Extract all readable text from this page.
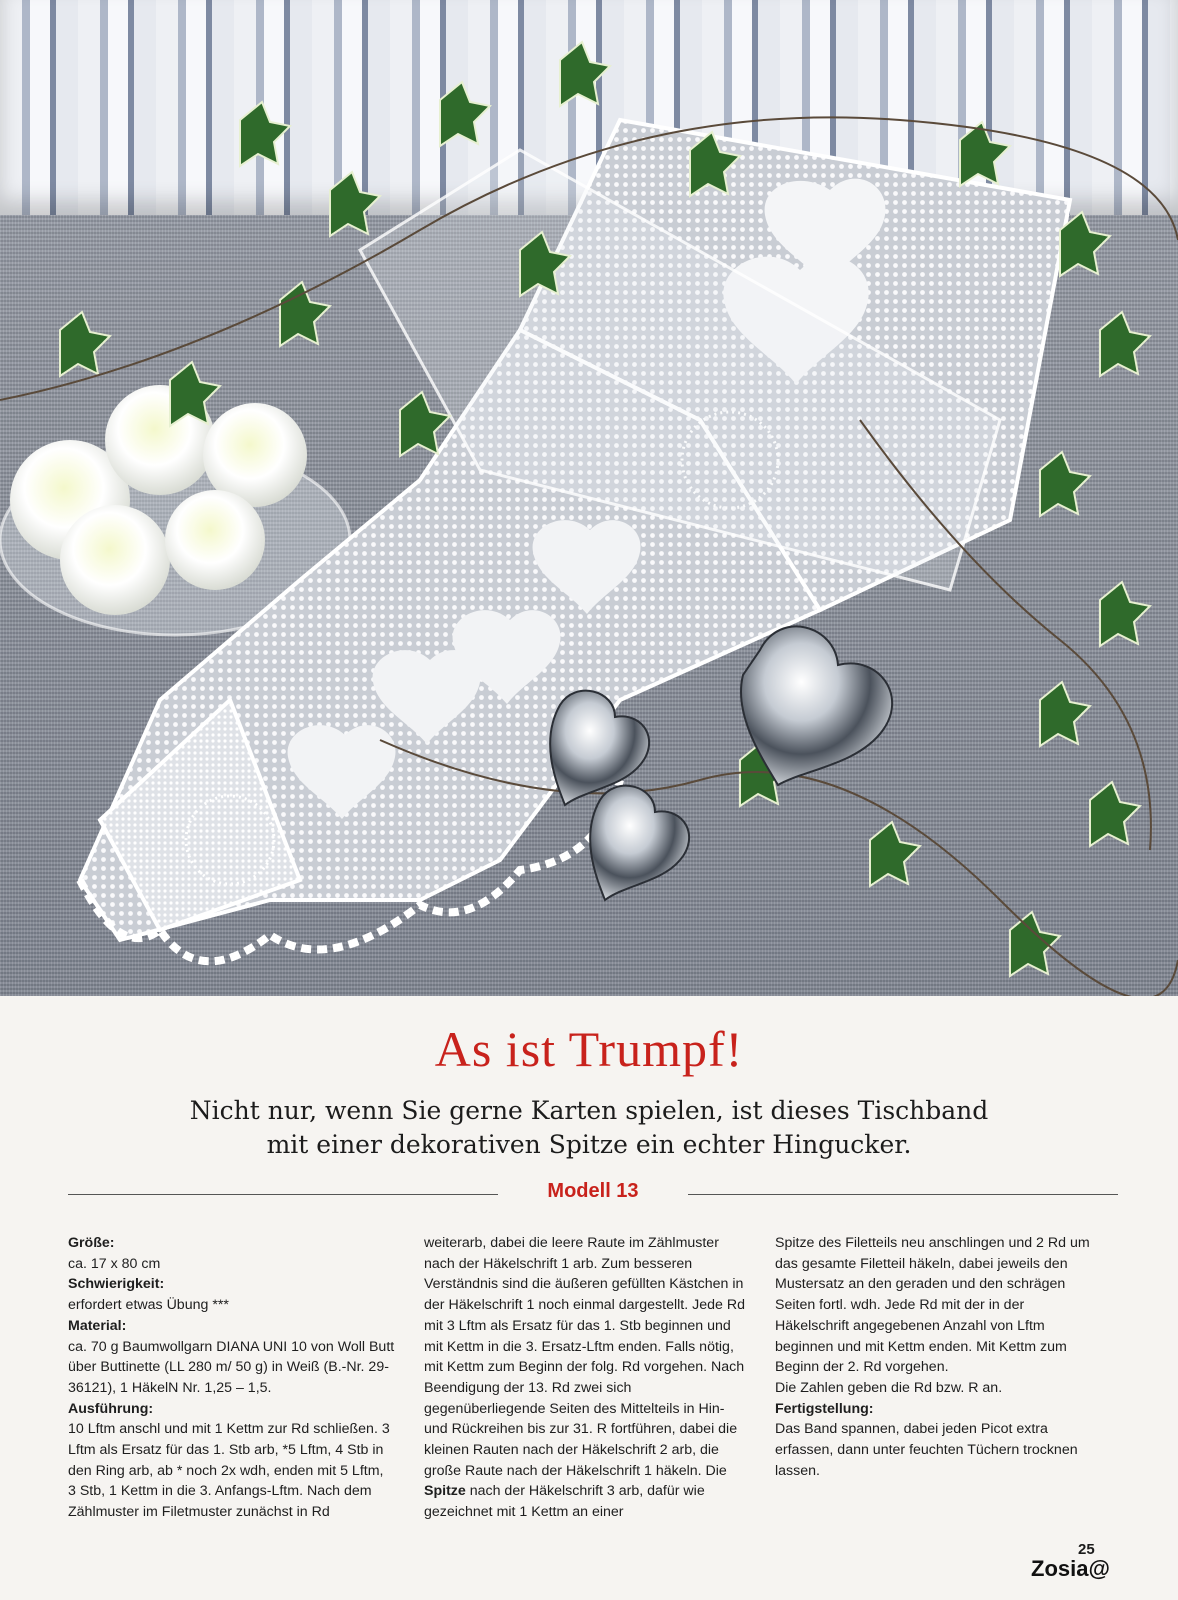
As ist Trumpf!

Nicht nur, wenn Sie gerne Karten spielen, ist dieses Tischband
mit einer dekorativen Spitze ein echter Hingucker.

Modell 13

Größe:

ca. 17 x 80 cm

Schwierigkeit:

erfordert etwas Übung ***

Material:

ca. 70 g Baumwollgarn DIANA UNI 10 von Woll Butt über Buttinette (LL 280 m/ 50 g) in Weiß (B.-Nr. 29-36121), 1 HäkelN Nr. 1,25 – 1,5.

Ausführung:

10 Lftm anschl und mit 1 Kettm zur Rd schließen. 3 Lftm als Ersatz für das 1. Stb arb, *5 Lftm, 4 Stb in den Ring arb, ab * noch 2x wdh, enden mit 5 Lftm, 3 Stb, 1 Kettm in die 3. Anfangs-Lftm. Nach dem Zählmuster im Filetmuster zunächst in Rd

weiterarb, dabei die leere Raute im Zählmuster nach der Häkelschrift 1 arb. Zum besseren Verständnis sind die äußeren gefüllten Kästchen in der Häkelschrift 1 noch einmal dargestellt. Jede Rd mit 3 Lftm als Ersatz für das 1. Stb beginnen und mit Kettm in die 3. Ersatz-Lftm enden. Falls nötig, mit Kettm zum Beginn der folg. Rd vorgehen. Nach Beendigung der 13. Rd zwei sich gegenüberliegende Seiten des Mittelteils in Hin- und Rückreihen bis zur 31. R fortführen, dabei die kleinen Rauten nach der Häkelschrift 2 arb, die große Raute nach der Häkelschrift 1 häkeln. Die Spitze nach der Häkelschrift 3 arb, dafür wie gezeichnet mit 1 Kettm an einer

Spitze des Filetteils neu anschlingen und 2 Rd um das gesamte Filetteil häkeln, dabei jeweils den Mustersatz an den geraden und den schrägen Seiten fortl. wdh. Jede Rd mit der in der Häkelschrift angegebenen Anzahl von Lftm beginnen und mit Kettm enden. Mit Kettm zum Beginn der 2. Rd vorgehen.

Die Zahlen geben die Rd bzw. R an.

Fertigstellung:

Das Band spannen, dabei jeden Picot extra erfassen, dann unter feuchten Tüchern trocknen lassen.

25
Zosia@
